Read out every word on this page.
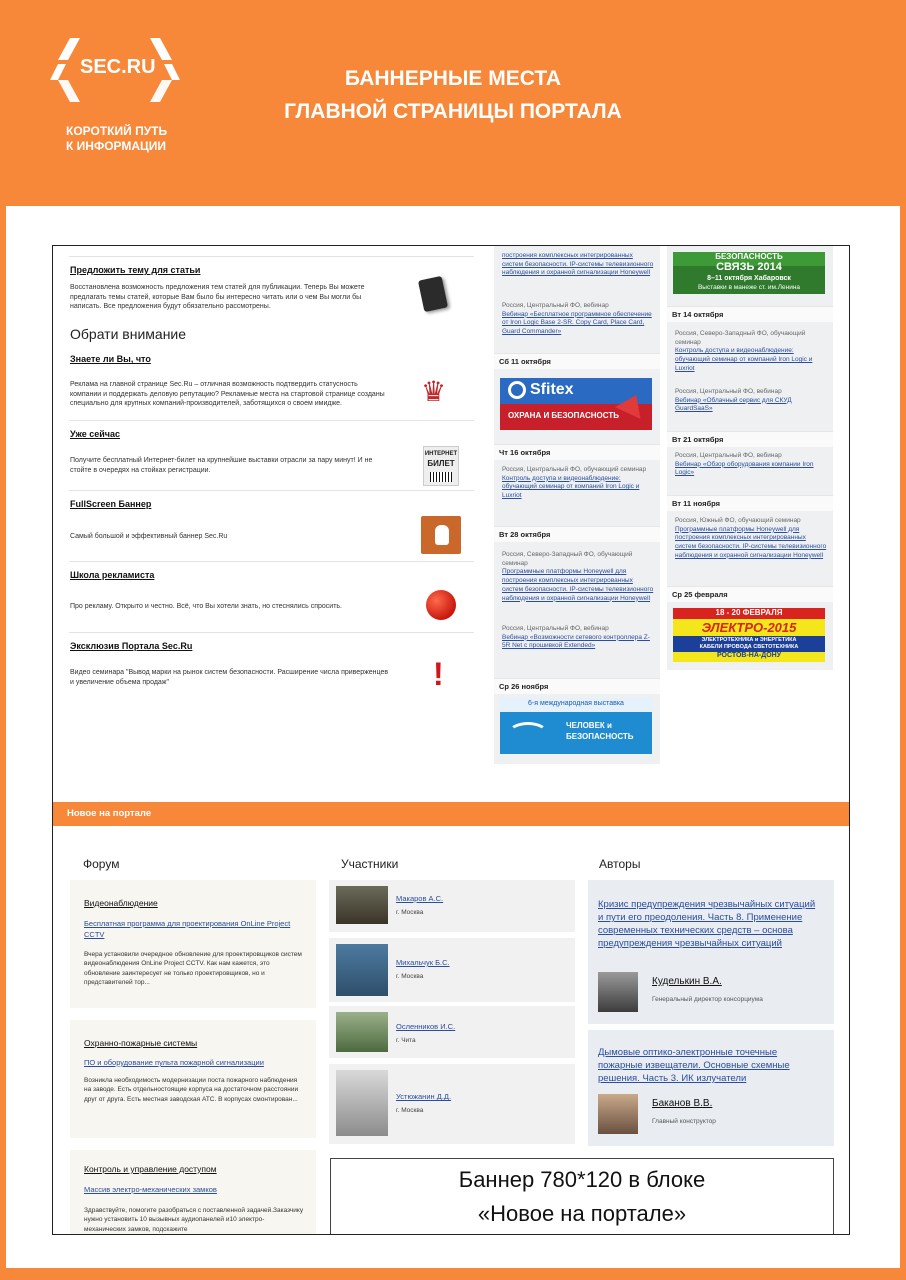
SEC.RU
КОРОТКИЙ ПУТЬ
К ИНФОРМАЦИИ
БАННЕРНЫЕ МЕСТА
ГЛАВНОЙ СТРАНИЦЫ ПОРТАЛА
Предложить тему для статьи
Восстановлена возможность предложения тем статей для публикации. Теперь Вы можете предлагать темы статей, которые Вам было бы интересно читать или о чем Вы могли бы написать. Все предложения будут обязательно рассмотрены.
Обрати внимание
Знаете ли Вы, что
Реклама на главной странице Sec.Ru – отличная возможность подтвердить статусность компании и поддержать деловую репутацию? Рекламные места на стартовой странице созданы специально для крупных компаний-производителей, заботящихся о своем имидже.	♛
Уже сейчас
Получите бесплатный Интернет-билет на крупнейшие выставки отрасли за пару минут! И не стойте в очередях на стойках регистрации.
ИНТЕРНЕТ
БИЛЕТ
FullScreen Баннер
Самый большой и эффективный баннер Sec.Ru
Школа рекламиста
Про рекламу. Открыто и честно. Всё, что Вы хотели знать, но стеснялись спросить.
Эксклюзив Портала Sec.Ru
Видео семинара "Вывод марки на рынок систем безопасности. Расширение числа приверженцев и увеличение объема продаж"	!
построения комплексных интегрированных систем безопасности. IP-системы телевизионного наблюдения и охранной сигнализации Honeywell
Россия, Центральный ФО, вебинар
Вебинар «Бесплатное программное обеспечение от Iron Logic Base 2-SR. Copy Card, Place Card, Guard Commander»
Сб 11 октября
Sfitex
ОХРАНА И БЕЗОПАСНОСТЬ
Чт 16 октября
Россия, Центральный ФО, обучающий семинар
Контроль доступа и видеонаблюдение: обучающий семинар от компаний Iron Logic и Luxriot
Вт 28 октября
Россия, Северо-Западный ФО, обучающий семинар
Программные платформы Honeywell для построения комплексных интегрированных систем безопасности. IP-системы телевизионного наблюдения и охранной сигнализации Honeywell
Россия, Центральный ФО, вебинар
Вебинар «Возможности сетевого контроллера Z-5R Net с прошивкой Extended»
Ср 26 ноября
6-я международная выставка
ЧЕЛОВЕК и
БЕЗОПАСНОСТЬ
БЕЗОПАСНОСТЬ
СВЯЗЬ 2014
8–11 октября Хабаровск
Выставки в манеже ст. им.Ленина
Вт 14 октября
Россия, Северо-Западный ФО, обучающий семинар
Контроль доступа и видеонаблюдение: обучающий семинар от компаний Iron Logic и Luxriot
Россия, Центральный ФО, вебинар
Вебинар «Облачный сервис для СКУД GuardSaaS»
Вт 21 октября
Россия, Центральный ФО, вебинар
Вебинар «Обзор оборудования компании Iron Logic»
Вт 11 ноября
Россия, Южный ФО, обучающий семинар
Программные платформы Honeywell для построения комплексных интегрированных систем безопасности. IP-системы телевизионного наблюдения и охранной сигнализации Honeywell
Ср 25 февраля
18 - 20 ФЕВРАЛЯ
ЭЛЕКТРО-2015
ЭЛЕКТРОТЕХНИКА и ЭНЕРГЕТИКА
КАБЕЛИ ПРОВОДА СВЕТОТЕХНИКА
РОСТОВ-НА-ДОНУ
Новое на портале
Форум	Участники	Авторы
Видеонаблюдение
Бесплатная программа для проектирования OnLine Project CCTV
Вчера установили очередное обновление для проектировщиков систем видеонаблюдения OnLine Project CCTV. Как нам кажется, это обновление заинтересует не только проектировщиков, но и представителей тор...
Охранно-пожарные системы
ПО и оборудование пульта пожарной сигнализации
Возникла необходимость модернизации поста пожарного наблюдения на заводе. Есть отдельностоящие корпуса на достаточном расстоянии друг от друга. Есть местная заводская АТС. В корпусах смонтирован...
Контроль и управление доступом
Массив электро-механических замков
Здравствуйте, помогите разобраться с поставленной задачей.Заказчику нужно установить 10 вызывных аудиопанелей и10 электро-механических замков, подскажите
Макаров А.С.
г. Москва
Михальчук Б.С.
г. Москва
Осленников И.С.
г. Чита
Устюжанин Д.Д.
г. Москва
Кризис предупреждения чрезвычайных ситуаций и пути его преодоления. Часть 8. Применение современных технических средств – основа предупреждения чрезвычайных ситуаций
Куделькин В.А.
Генеральный директор консорциума
Дымовые оптико-электронные точечные пожарные извещатели. Основные схемные решения. Часть 3. ИК излучатели
Баканов В.В.
Главный конструктор
Баннер 780*120 в блоке
«Новое на портале»
